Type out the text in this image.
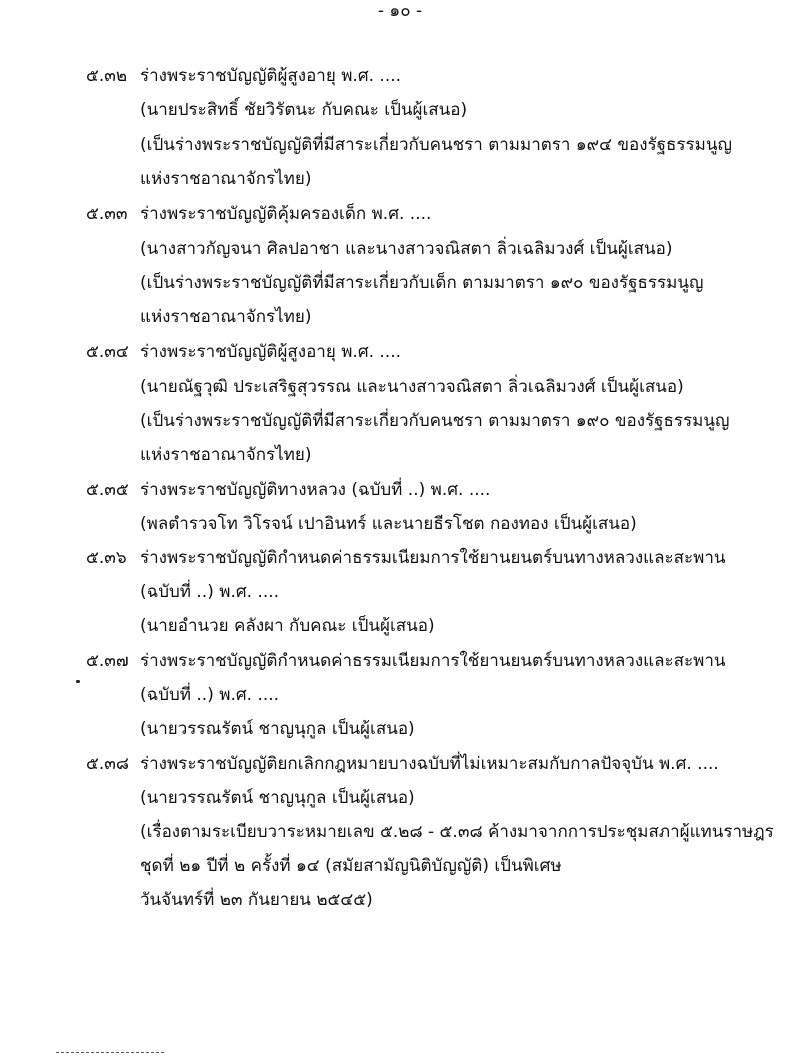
- ๑๐ -
๕.๓๒ ร่างพระราชบัญญัติผู้สูงอายุ พ.ศ. ....
(นายประสิทธิ์ ชัยวิรัตนะ กับคณะ เป็นผู้เสนอ)
(เป็นร่างพระราชบัญญัติที่มีสาระเกี่ยวกับคนชรา ตามมาตรา ๑๙๔ ของรัฐธรรมนูญ
แห่งราชอาณาจักรไทย)
๕.๓๓ ร่างพระราชบัญญัติคุ้มครองเด็ก พ.ศ. ....
(นางสาวกัญจนา ศิลปอาชา และนางสาวจณิสตา ลิ่วเฉลิมวงศ์ เป็นผู้เสนอ)
(เป็นร่างพระราชบัญญัติที่มีสาระเกี่ยวกับเด็ก ตามมาตรา ๑๙๐ ของรัฐธรรมนูญ
แห่งราชอาณาจักรไทย)
๕.๓๔ ร่างพระราชบัญญัติผู้สูงอายุ พ.ศ. ....
(นายณัฐวุฒิ ประเสริฐสุวรรณ และนางสาวจณิสตา ลิ่วเฉลิมวงศ์ เป็นผู้เสนอ)
(เป็นร่างพระราชบัญญัติที่มีสาระเกี่ยวกับคนชรา ตามมาตรา ๑๙๐ ของรัฐธรรมนูญ
แห่งราชอาณาจักรไทย)
๕.๓๕ ร่างพระราชบัญญัติทางหลวง (ฉบับที่ ..) พ.ศ. ....
(พลตำรวจโท วิโรจน์ เปาอินทร์ และนายธีรโชต กองทอง เป็นผู้เสนอ)
๕.๓๖ ร่างพระราชบัญญัติกำหนดค่าธรรมเนียมการใช้ยานยนตร์บนทางหลวงและสะพาน
(ฉบับที่ ..) พ.ศ. ....
(นายอำนวย คลังผา กับคณะ เป็นผู้เสนอ)
๕.๓๗ ร่างพระราชบัญญัติกำหนดค่าธรรมเนียมการใช้ยานยนตร์บนทางหลวงและสะพาน
(ฉบับที่ ..) พ.ศ. ....
(นายวรรณรัตน์ ชาญนุกูล เป็นผู้เสนอ)
๕.๓๘ ร่างพระราชบัญญัติยกเลิกกฎหมายบางฉบับที่ไม่เหมาะสมกับกาลปัจจุบัน พ.ศ. ....
(นายวรรณรัตน์ ชาญนุกูล เป็นผู้เสนอ)
(เรื่องตามระเบียบวาระหมายเลข ๕.๒๘ - ๕.๓๘ ค้างมาจากการประชุมสภาผู้แทนราษฎร
ชุดที่ ๒๑ ปีที่ ๒ ครั้งที่ ๑๔ (สมัยสามัญนิติบัญญัติ) เป็นพิเศษ
วันจันทร์ที่ ๒๓ กันยายน ๒๕๔๕)
